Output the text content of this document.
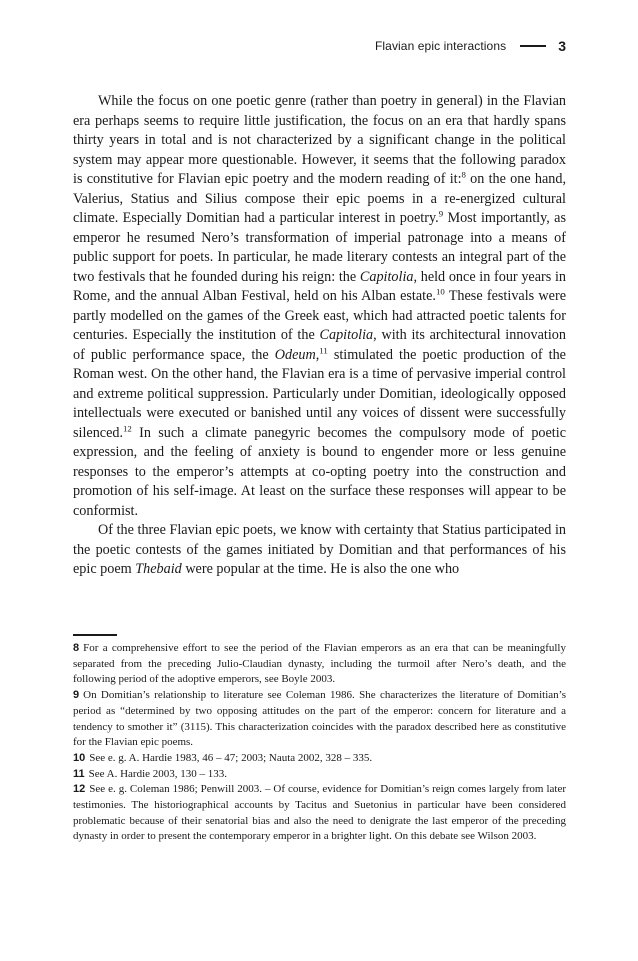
Flavian epic interactions	3

While the focus on one poetic genre (rather than poetry in general) in the Flavian era perhaps seems to require little justification, the focus on an era that hardly spans thirty years in total and is not characterized by a significant change in the political system may appear more questionable. However, it seems that the following paradox is constitutive for Flavian epic poetry and the modern reading of it:$^8$ on the one hand, Valerius, Statius and Silius compose their epic poems in a re-energized cultural climate. Especially Domitian had a particular interest in poetry.$^9$ Most importantly, as emperor he resumed Nero’s transformation of imperial patronage into a means of public support for poets. In particular, he made literary contests an integral part of the two festivals that he founded during his reign: the Capitolia, held once in four years in Rome, and the annual Alban Festival, held on his Alban estate.$^{10}$ These festivals were partly modelled on the games of the Greek east, which had attracted poetic talents for centuries. Especially the institution of the Capitolia, with its architectural innovation of public performance space, the Odeum,$^{11}$ stimulated the poetic production of the Roman west. On the other hand, the Flavian era is a time of pervasive imperial control and extreme political suppression. Particularly under Domitian, ideologically opposed intellectuals were executed or banished until any voices of dissent were successfully silenced.$^{12}$ In such a climate panegyric becomes the compulsory mode of poetic expression, and the feeling of anxiety is bound to engender more or less genuine responses to the emperor’s attempts at co-opting poetry into the construction and promotion of his self-image. At least on the surface these responses will appear to be conformist.

Of the three Flavian epic poets, we know with certainty that Statius participated in the poetic contests of the games initiated by Domitian and that performances of his epic poem Thebaid were popular at the time. He is also the one who

8 For a comprehensive effort to see the period of the Flavian emperors as an era that can be meaningfully separated from the preceding Julio-Claudian dynasty, including the turmoil after Nero’s death, and the following period of the adoptive emperors, see Boyle 2003.

9 On Domitian’s relationship to literature see Coleman 1986. She characterizes the literature of Domitian’s period as “determined by two opposing attitudes on the part of the emperor: concern for literature and a tendency to smother it” (3115). This characterization coincides with the paradox described here as constitutive for the Flavian epic poems.

10 See e. g. A. Hardie 1983, 46 – 47; 2003; Nauta 2002, 328 – 335.

11 See A. Hardie 2003, 130 – 133.

12 See e. g. Coleman 1986; Penwill 2003. – Of course, evidence for Domitian’s reign comes largely from later testimonies. The historiographical accounts by Tacitus and Suetonius in particular have been considered problematic because of their senatorial bias and also the need to denigrate the last emperor of the preceding dynasty in order to present the contemporary emperor in a brighter light. On this debate see Wilson 2003.
